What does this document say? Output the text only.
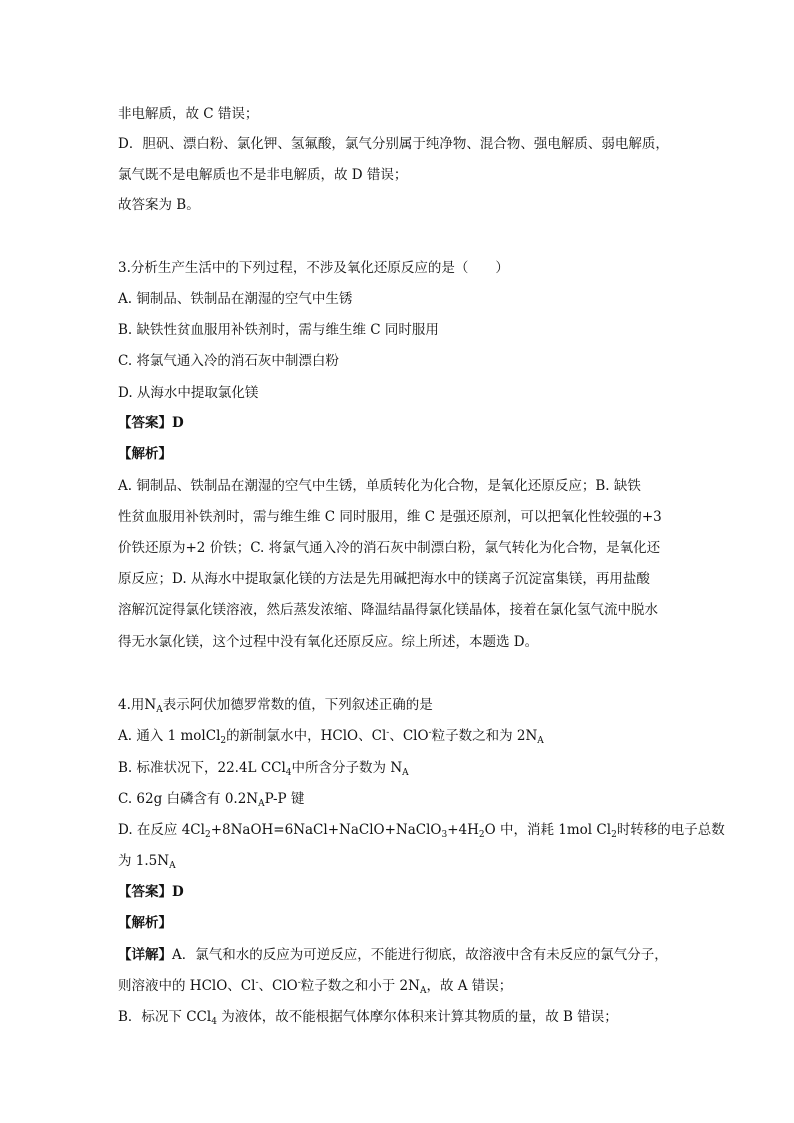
非电解质，故 C 错误；
D．胆矾、漂白粉、氯化钾、氢氟酸，氯气分别属于纯净物、混合物、强电解质、弱电解质，
氯气既不是电解质也不是非电解质，故 D 错误；
故答案为 B。
3.分析生产生活中的下列过程，不涉及氧化还原反应的是（　　）
A. 铜制品、铁制品在潮湿的空气中生锈
B. 缺铁性贫血服用补铁剂时，需与维生维 C 同时服用
C. 将氯气通入冷的消石灰中制漂白粉
D. 从海水中提取氯化镁
【答案】D
【解析】
A. 铜制品、铁制品在潮湿的空气中生锈，单质转化为化合物，是氧化还原反应；B. 缺铁
性贫血服用补铁剂时，需与维生维 C 同时服用，维 C 是强还原剂，可以把氧化性较强的+3
价铁还原为+2 价铁；C. 将氯气通入冷的消石灰中制漂白粉，氯气转化为化合物，是氧化还
原反应；D. 从海水中提取氯化镁的方法是先用碱把海水中的镁离子沉淀富集镁，再用盐酸
溶解沉淀得氯化镁溶液，然后蒸发浓缩、降温结晶得氯化镁晶体，接着在氯化氢气流中脱水
得无水氯化镁，这个过程中没有氧化还原反应。综上所述，本题选 D。
4.用$N_A$表示阿伏加德罗常数的值，下列叙述正确的是
A. 通入 1 molCl$_2$的新制氯水中，HClO、Cl-、ClO-粒子数之和为 $2N_A$
B. 标准状况下，22.4L CCl$_4$中所含分子数为 $N_A$
C. 62g 白磷含有 $0.2N_AP-P$ 键
D. 在反应 $4Cl_2+8NaOH=6NaCl+NaClO+NaClO_3+4H_2O$ 中，消耗 1mol $Cl_2$时转移的电子总数
为 $1.5N_A$
【答案】D
【解析】
【详解】A．氯气和水的反应为可逆反应，不能进行彻底，故溶液中含有未反应的氯气分子，
则溶液中的 HClO、Cl-、ClO-粒子数之和小于 $2N_A$，故 A 错误；
B．标况下 CCl$_4$ 为液体，故不能根据气体摩尔体积来计算其物质的量，故 B 错误；
